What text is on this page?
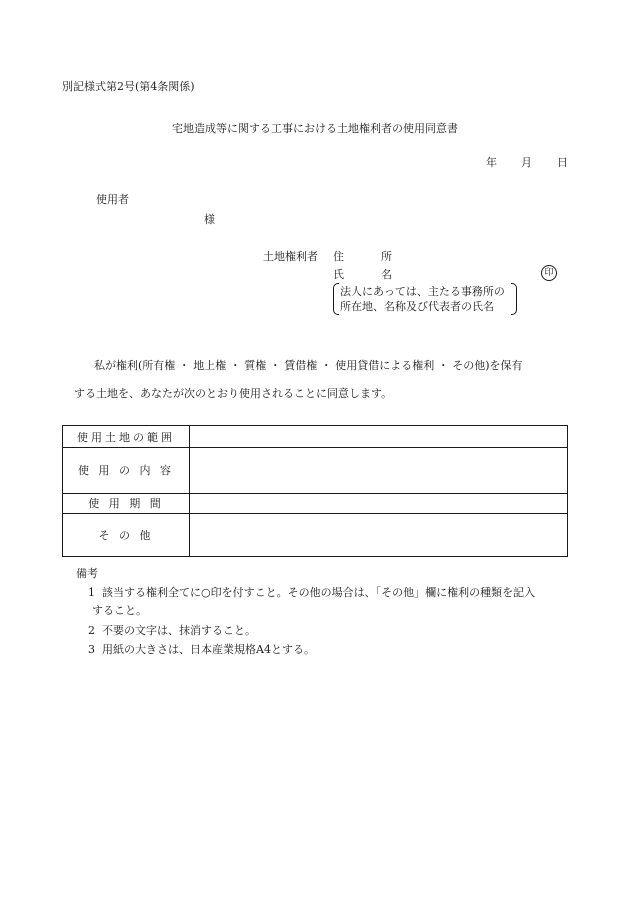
別記様式第2号(第4条関係)
宅地造成等に関する工事における土地権利者の使用同意書
年 月 日
使用者
様
土地権利者 住	所
氏	名	印
法人にあっては、主たる事務所の
所在地、名称及び代表者の氏名
私が権利(所有権 ・ 地上権 ・ 質権 ・ 賃借権 ・ 使用貸借による権利 ・ その他)を保有
する土地を、あなたが次のとおり使用されることに同意します。
使用土地の範囲	
使 用 の 内 容	
使 用 期 間	
そ の 他	
備考
1 該当する権利全てに○印を付すこと。その他の場合は、「その他」欄に権利の種類を記入
すること。
2 不要の文字は、抹消すること。
3 用紙の大きさは、日本産業規格A4とする。
